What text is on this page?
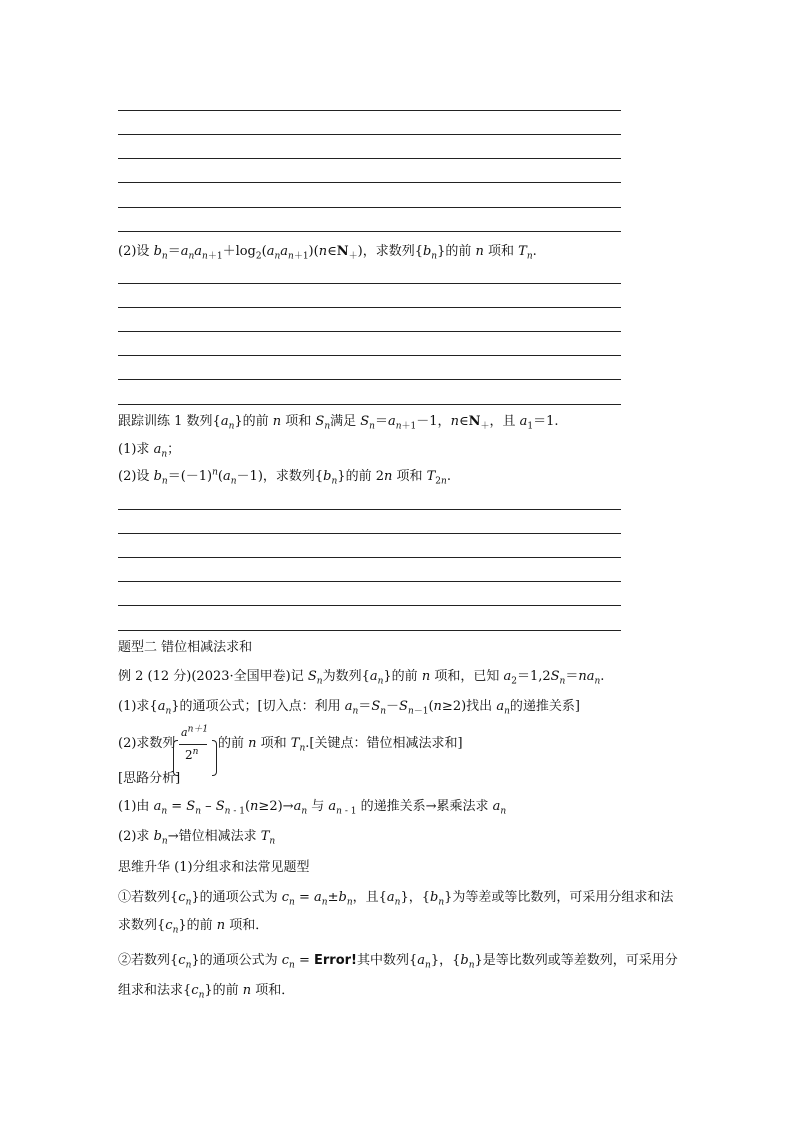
(2)设 $b_n=a_na_{n+1}+\log_2(a_na_{n+1})(n\in N_+)$，求数列$\{b_n\}$的前 n 项和 $T_n$.
跟踪训练 1 数列$\{a_n\}$的前 n 项和 $S_n$满足 $S_n=a_{n+1}-1$，$n\in N_+$，且 $a_1=1$.
(1)求 $a_n$；
(2)设 $b_n=(-1)^n(a_n-1)$，求数列$\{b_n\}$的前 2n 项和 $T_{2n}$.
题型二 错位相减法求和
例 2 (12 分)(2023·全国甲卷)记 $S_n$为数列$\{a_n\}$的前 n 项和，已知 $a_2=1,2S_n=na_n$.
(1)求$\{a_n\}$的通项公式；[切入点：利用 $a_n=S_n-S_{n-1}(n\ge 2)$找出 $a_n$的递推关系]
(2)求数列
$a^{n+1}$
2$^n$
的前 n 项和 $T_n$.[关键点：错位相减法求和]
[思路分析]
(1)由 $a_n = S_n - S_{n - 1}(n\ge 2)\to a_n$ 与 $a_{n - 1}$ 的递推关系→累乘法求 $a_n$
(2)求 $b_n\to$错位相减法求 $T_n$
思维升华 (1)分组求和法常见题型
①若数列$\{c_n\}$的通项公式为 $c_n = a_n\pm b_n$，且$\{a_n\}$，$\{b_n\}$为等差或等比数列，可采用分组求和法
求数列$\{c_n\}$的前 n 项和．
②若数列$\{c_n\}$的通项公式为 $c_n$ = Error!其中数列$\{a_n\}$，$\{b_n\}$是等比数列或等差数列，可采用分
组求和法求$\{c_n\}$的前 n 项和．
